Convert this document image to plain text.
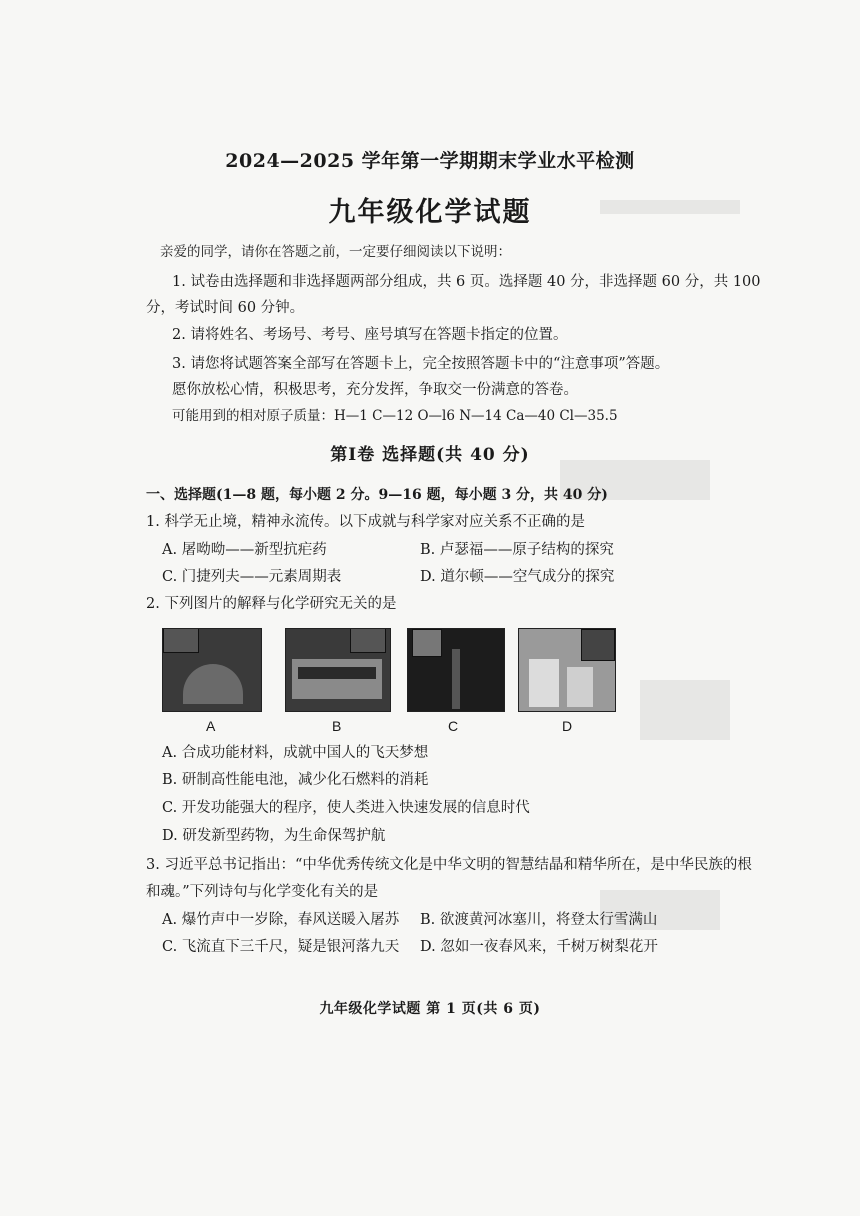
2024—2025 学年第一学期期末学业水平检测
九年级化学试题
亲爱的同学，请你在答题之前，一定要仔细阅读以下说明：
1. 试卷由选择题和非选择题两部分组成，共 6 页。选择题 40 分，非选择题 60 分，共 100
分，考试时间 60 分钟。
2. 请将姓名、考场号、考号、座号填写在答题卡指定的位置。
3. 请您将试题答案全部写在答题卡上，完全按照答题卡中的“注意事项”答题。
愿你放松心情，积极思考，充分发挥，争取交一份满意的答卷。
可能用到的相对原子质量：H—1 C—12 O—l6 N—14 Ca—40 Cl—35.5
第Ⅰ卷 选择题(共 40 分)
一、选择题(1—8 题，每小题 2 分。9—16 题，每小题 3 分，共 40 分)
1. 科学无止境，精神永流传。以下成就与科学家对应关系不正确的是
A. 屠呦呦——新型抗疟药	B. 卢瑟福——原子结构的探究
C. 门捷列夫——元素周期表	D. 道尔顿——空气成分的探究
2. 下列图片的解释与化学研究无关的是
A	B	C	D
A. 合成功能材料，成就中国人的飞天梦想
B. 研制高性能电池，减少化石燃料的消耗
C. 开发功能强大的程序，使人类进入快速发展的信息时代
D. 研发新型药物，为生命保驾护航
3. 习近平总书记指出：“中华优秀传统文化是中华文明的智慧结晶和精华所在，是中华民族的根
和魂。”下列诗句与化学变化有关的是
A. 爆竹声中一岁除，春风送暖入屠苏 B. 欲渡黄河冰塞川，将登太行雪满山
C. 飞流直下三千尺，疑是银河落九天 D. 忽如一夜春风来，千树万树梨花开
九年级化学试题 第 1 页(共 6 页)
